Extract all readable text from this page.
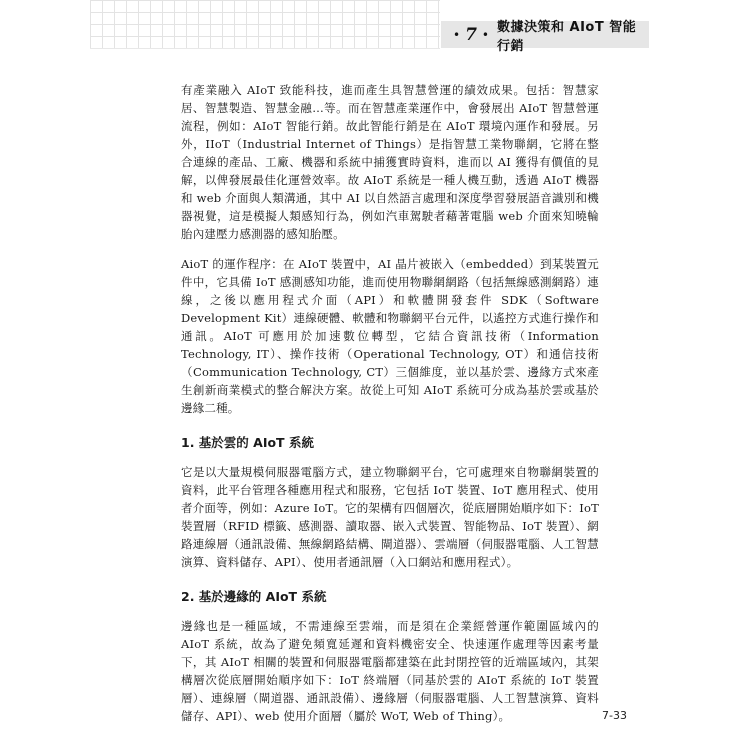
• 7 • 數據決策和 AIoT 智能行銷

有產業融入 AIoT 致能科技，進而產生具智慧營運的績效成果。包括：智慧家居、智慧製造、智慧金融…等。而在智慧產業運作中，會發展出 AIoT 智慧營運流程，例如：AIoT 智能行銷。故此智能行銷是在 AIoT 環境內運作和發展。另外，IIoT（Industrial Internet of Things）是指智慧工業物聯網，它將在整合連線的產品、工廠、機器和系統中捕獲實時資料，進而以 AI 獲得有價值的見解，以俾發展最佳化運營效率。故 AIoT 系統是一種人機互動，透過 AIoT 機器和 web 介面與人類溝通，其中 AI 以自然語言處理和深度學習發展語音識別和機器視覺，這是模擬人類感知行為，例如汽車駕駛者藉著電腦 web 介面來知曉輪胎內建壓力感測器的感知胎壓。

AioT 的運作程序：在 AIoT 裝置中，AI 晶片被嵌入（embedded）到某裝置元件中，它具備 IoT 感測感知功能，進而使用物聯網網路（包括無線感測網路）連線，之後以應用程式介面（API）和軟體開發套件 SDK（Software Development Kit）連線硬體、軟體和物聯網平台元件，以遙控方式進行操作和通訊。AIoT 可應用於加速數位轉型，它結合資訊技術（Information Technology, IT）、操作技術（Operational Technology, OT）和通信技術（Communication Technology, CT）三個維度，並以基於雲、邊緣方式來產生創新商業模式的整合解決方案。故從上可知 AIoT 系統可分成為基於雲或基於邊緣二種。

1. 基於雲的 AIoT 系統

它是以大量規模伺服器電腦方式，建立物聯網平台，它可處理來自物聯網裝置的資料，此平台管理各種應用程式和服務，它包括 IoT 裝置、IoT 應用程式、使用者介面等，例如：Azure IoT。它的架構有四個層次，從底層開始順序如下：IoT 裝置層（RFID 標籤、感測器、讀取器、嵌入式裝置、智能物品、IoT 裝置）、網路連線層（通訊設備、無線網路結構、閘道器）、雲端層（伺服器電腦、人工智慧演算、資料儲存、API）、使用者通訊層（入口網站和應用程式）。

2. 基於邊緣的 AIoT 系統

邊緣也是一種區域，不需連線至雲端，而是須在企業經營運作範圍區域內的 AIoT 系統，故為了避免頻寬延遲和資料機密安全、快速運作處理等因素考量下，其 AIoT 相關的裝置和伺服器電腦都建築在此封閉控管的近端區域內，其架構層次從底層開始順序如下：IoT 終端層（同基於雲的 AIoT 系統的 IoT 裝置層）、連線層（閘道器、通訊設備）、邊緣層（伺服器電腦、人工智慧演算、資料儲存、API）、web 使用介面層（屬於 WoT, Web of Thing）。	7-33
